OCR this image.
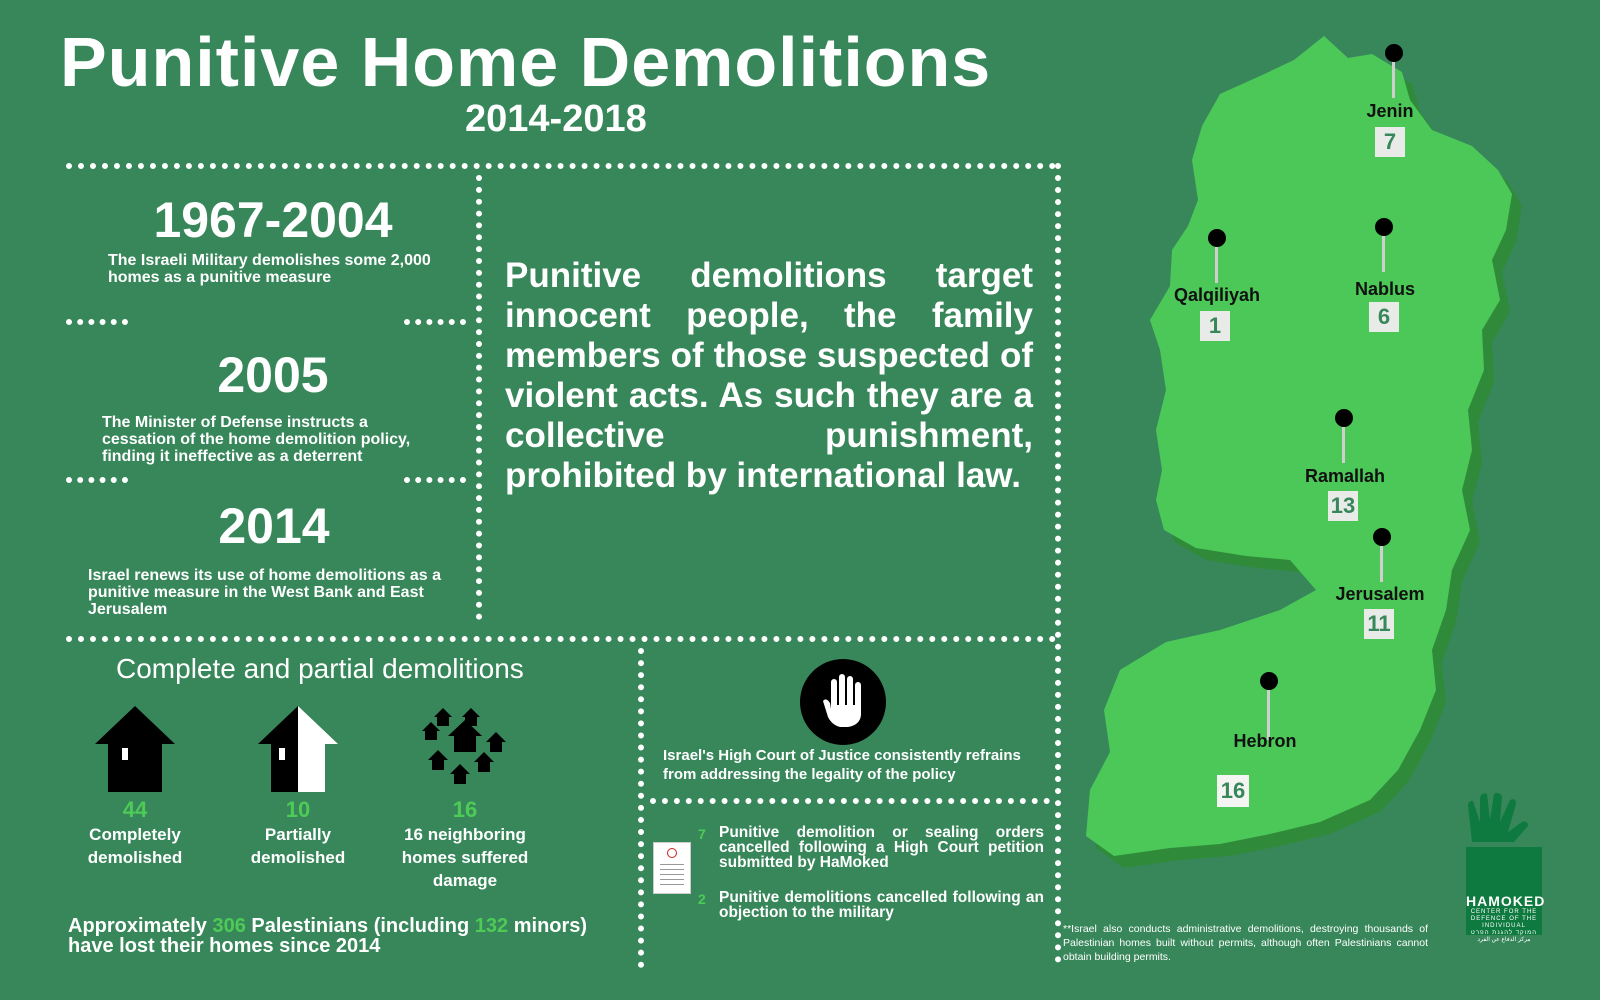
Punitive Home Demolitions
2014-2018
1967-2004
The Israeli Military demolishes some 2,000 homes as a punitive measure
2005
The Minister of Defense instructs a cessation of the home demolition policy, finding it ineffective as a deterrent
2014
Israel renews its use of home demolitions as a punitive measure in the West Bank and East Jerusalem
Punitive demolitions target innocent people, the family members of those suspected of violent acts. As such they are a collective punishment, prohibited by international law.
Complete and partial demolitions
44
Completely demolished
10
Partially demolished
16
16 neighboring homes suffered damage
Approximately 306 Palestinians (including 132 minors)
have lost their homes since 2014
Israel's High Court of Justice consistently refrains from addressing the legality of the policy
7 Punitive demolition or sealing orders cancelled following a High Court petition submitted by HaMoked
2 Punitive demolitions cancelled following an objection to the military
**Israel also conducts administrative demolitions, destroying thousands of Palestinian homes built without permits, although often Palestinians cannot obtain building permits.
Jenin
7
Qalqiliyah
1
Nablus
6
Ramallah
13
Jerusalem
11
Hebron
16
HAMOKED
CENTER FOR THE DEFENCE OF THE INDIVIDUAL
המוקד להגנת הפרט
مركز الدفاع عن الفرد
